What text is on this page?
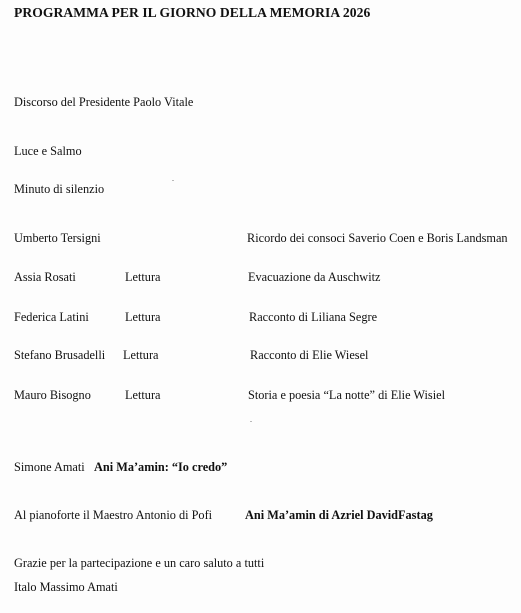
PROGRAMMA PER IL GIORNO DELLA MEMORIA 2026
Discorso del Presidente Paolo Vitale
Luce e Salmo
Minuto di silenzio
Umberto Tersigni	Ricordo dei consoci Saverio Coen e Boris Landsman
Assia Rosati	Lettura	Evacuazione da Auschwitz
Federica Latini	Lettura	Racconto di Liliana Segre
Stefano Brusadelli Lettura	Racconto di Elie Wiesel
Mauro Bisogno	Lettura	Storia e poesia “La notte” di Elie Wisiel
Simone Amati Ani Ma’amin: “Io credo”
Al pianoforte il Maestro Antonio di Pofi	Ani Ma’amin di Azriel DavidFastag
Grazie per la partecipazione e un caro saluto a tutti
Italo Massimo Amati
